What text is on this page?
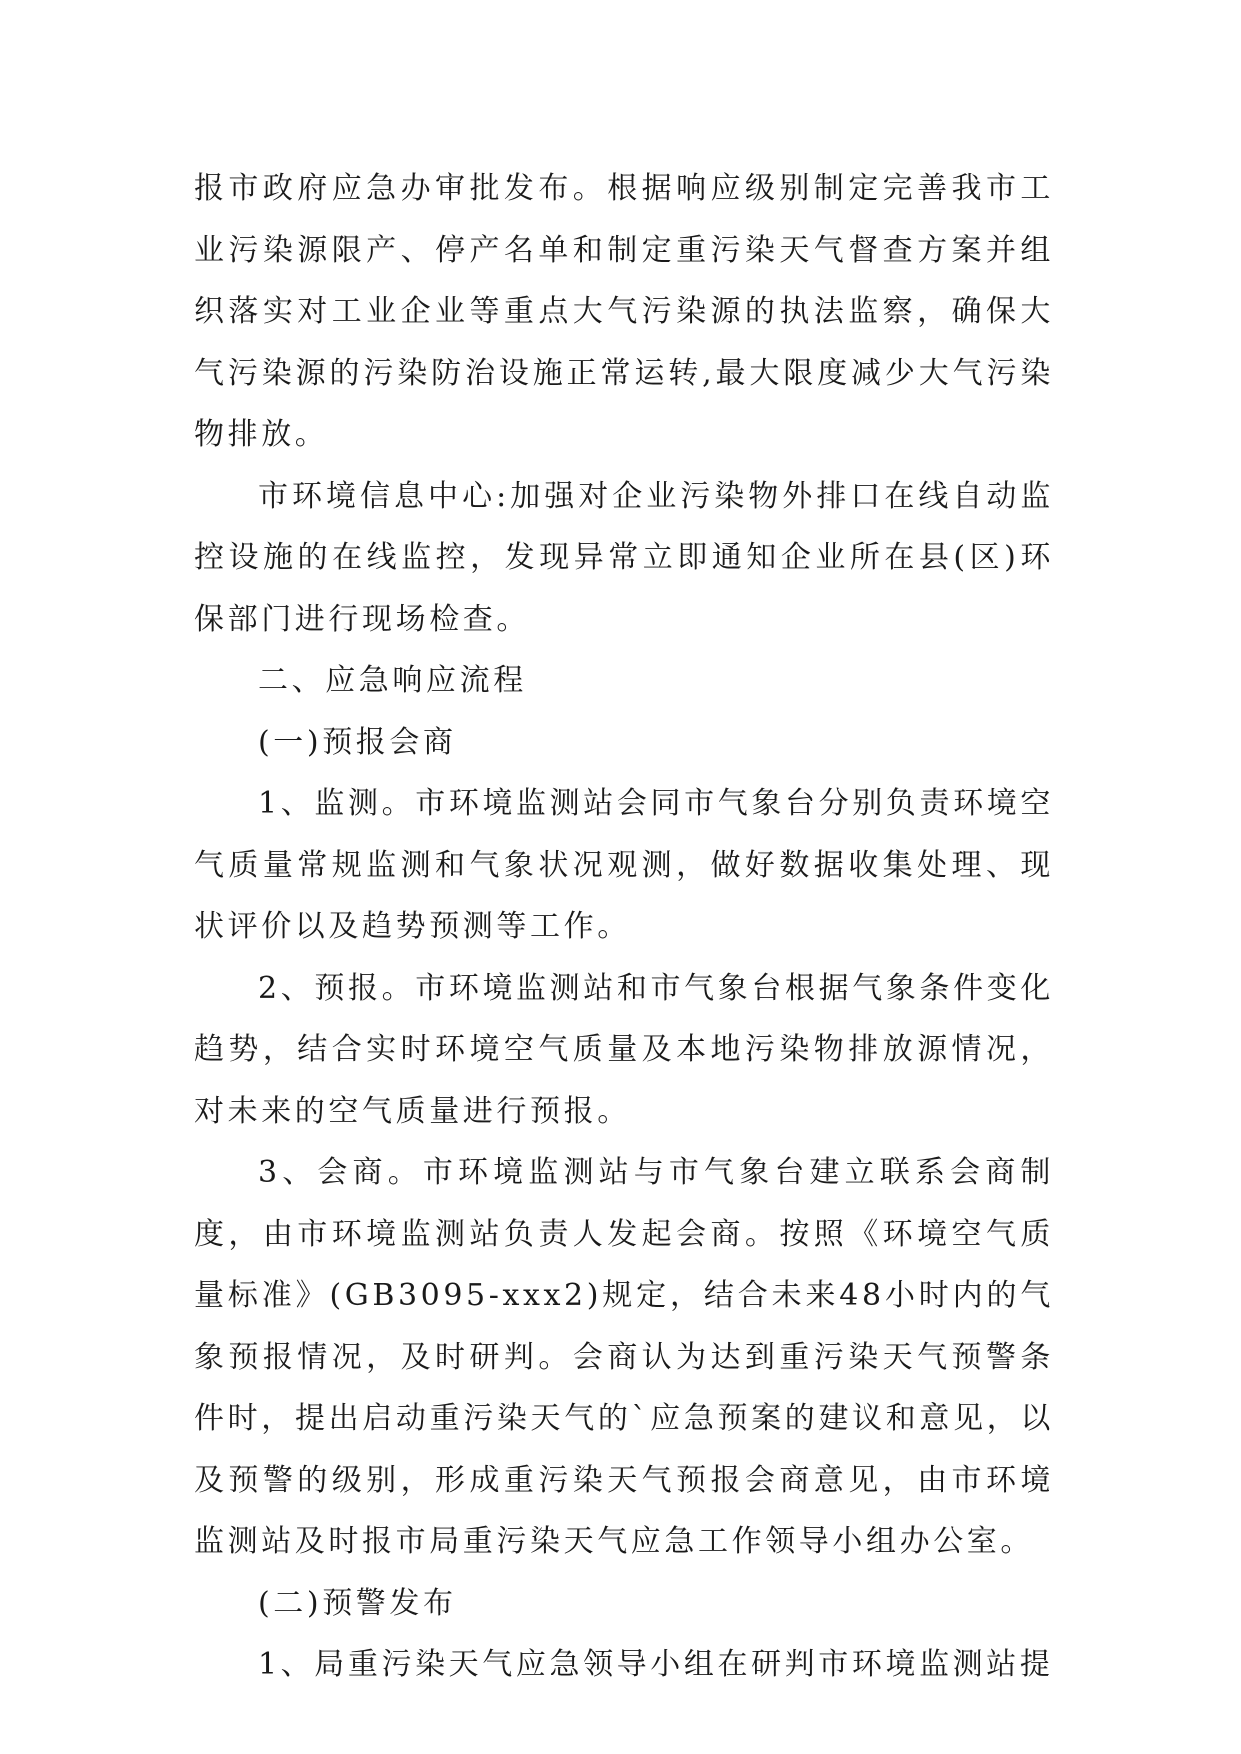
报市政府应急办审批发布。根据响应级别制定完善我市工业污染源限产、停产名单和制定重污染天气督查方案并组织落实对工业企业等重点大气污染源的执法监察，确保大气污染源的污染防治设施正常运转,最大限度减少大气污染物排放。

市环境信息中心:加强对企业污染物外排口在线自动监控设施的在线监控，发现异常立即通知企业所在县(区)环保部门进行现场检查。

二、应急响应流程

(一)预报会商

1、监测。市环境监测站会同市气象台分别负责环境空气质量常规监测和气象状况观测，做好数据收集处理、现状评价以及趋势预测等工作。

2、预报。市环境监测站和市气象台根据气象条件变化趋势，结合实时环境空气质量及本地污染物排放源情况，对未来的空气质量进行预报。

3、会商。市环境监测站与市气象台建立联系会商制度，由市环境监测站负责人发起会商。按照《环境空气质量标准》(GB3095-xxx2)规定，结合未来48小时内的气象预报情况，及时研判。会商认为达到重污染天气预警条件时，提出启动重污染天气的`应急预案的建议和意见，以及预警的级别，形成重污染天气预报会商意见，由市环境监测站及时报市局重污染天气应急工作领导小组办公室。

(二)预警发布

1、局重污染天气应急领导小组在研判市环境监测站提
